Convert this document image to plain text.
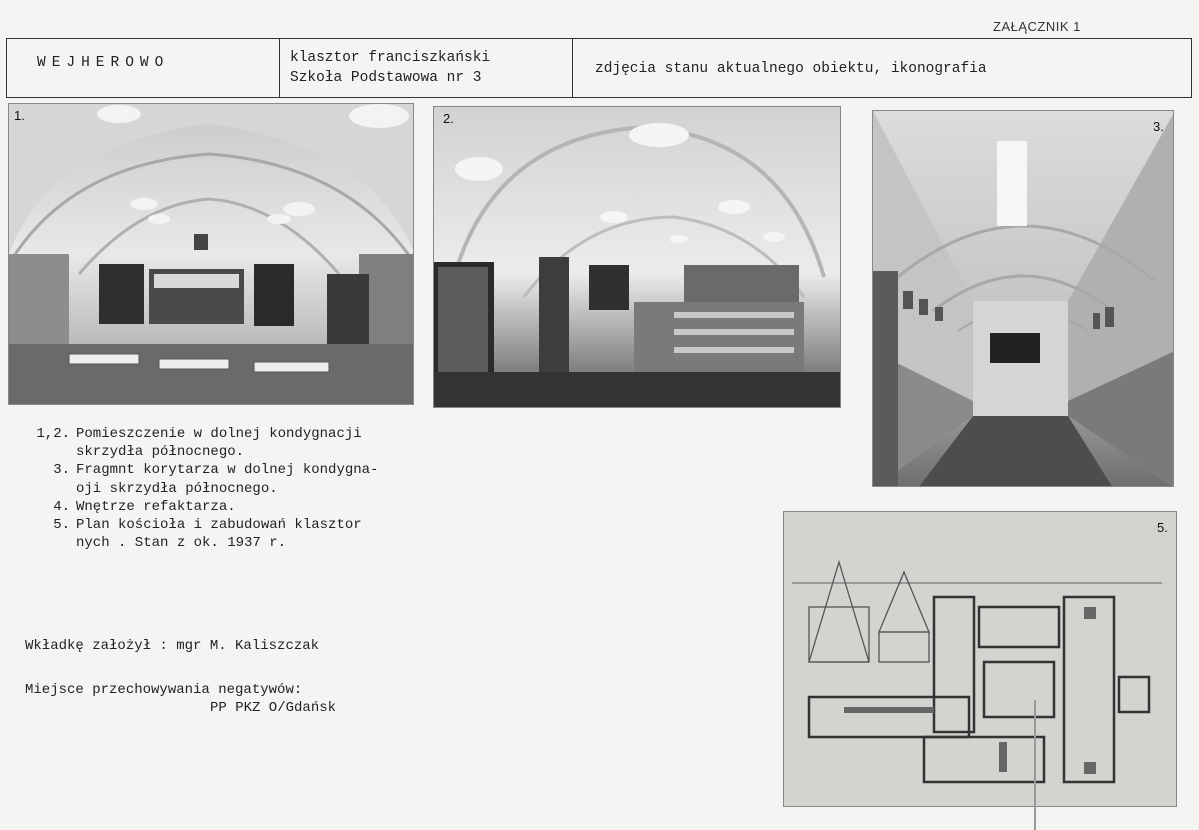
ZAŁĄCZNIK 1
WEJHEROWO	klasztor franciszkański
Szkoła Podstawowa nr 3
zdjęcia stanu aktualnego obiektu, ikonografia
1.	2.
3.
5.
1,2. Pomieszczenie w dolnej kondygnacji
skrzydła północnego.
3. Fragmnt korytarza w dolnej kondygna-
oji skrzydła północnego.
4. Wnętrze refaktarza.
5. Plan kościoła i zabudowań klasztor
nych . Stan z ok. 1937 r.
Wkładkę założył : mgr M. Kaliszczak
Miejsce przechowywania negatywów:
PP PKZ O/Gdańsk
